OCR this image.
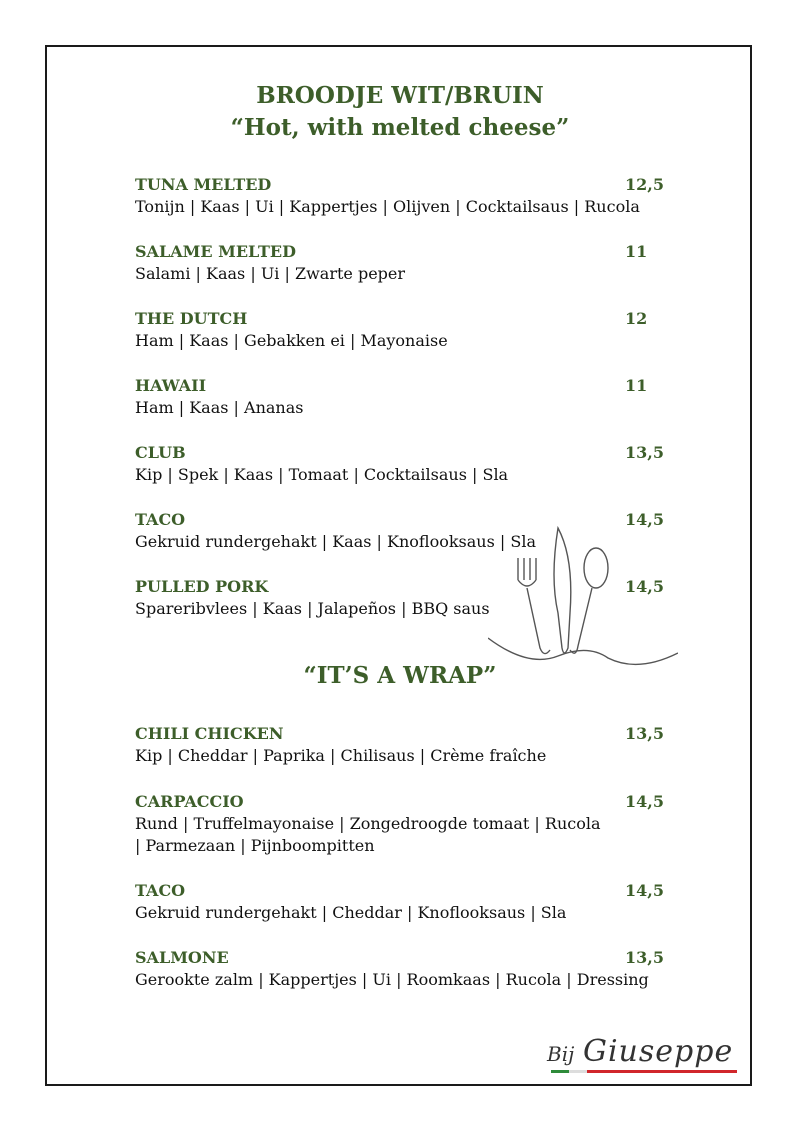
BROODJE WIT/BRUIN
“Hot, with melted cheese”
TUNA MELTED	12,5
Tonijn | Kaas | Ui | Kappertjes | Olijven | Cocktailsaus | Rucola
SALAME MELTED	11
Salami | Kaas | Ui | Zwarte peper
THE DUTCH	12
Ham | Kaas | Gebakken ei | Mayonaise
HAWAII	11
Ham | Kaas | Ananas
CLUB	13,5
Kip | Spek | Kaas | Tomaat | Cocktailsaus | Sla
TACO	14,5
Gekruid rundergehakt | Kaas | Knoflooksaus | Sla
PULLED PORK	14,5
Spareribvlees | Kaas | Jalapeños | BBQ saus
“IT’S A WRAP”
CHILI CHICKEN	13,5
Kip | Cheddar | Paprika | Chilisaus | Crème fraîche
CARPACCIO	14,5
Rund | Truffelmayonaise | Zongedroogde tomaat | Rucola
| Parmezaan | Pijnboompitten
TACO	14,5
Gekruid rundergehakt | Cheddar | Knoflooksaus | Sla
SALMONE	13,5
Gerookte zalm | Kappertjes | Ui | Roomkaas | Rucola | Dressing
Bij Giuseppe
